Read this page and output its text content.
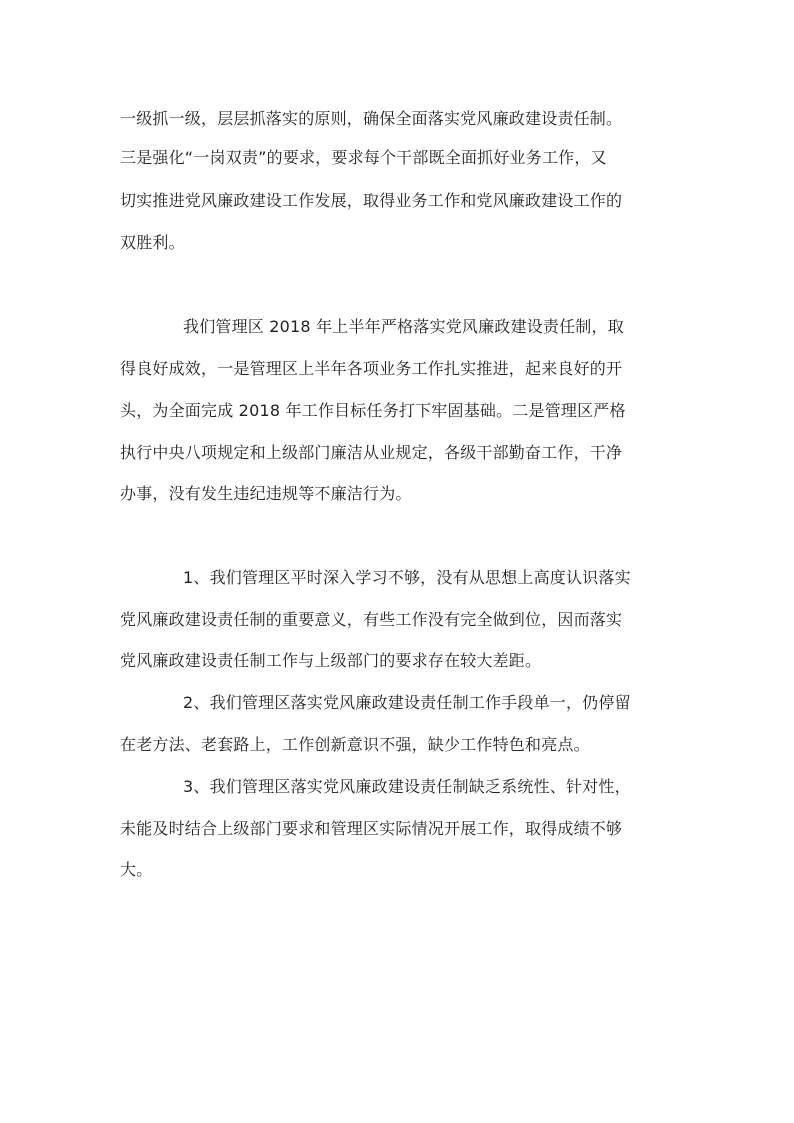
一级抓一级，层层抓落实的原则，确保全面落实党风廉政建设责任制。
三是强化“一岗双责”的要求，要求每个干部既全面抓好业务工作，又
切实推进党风廉政建设工作发展，取得业务工作和党风廉政建设工作的
双胜利。
我们管理区 2018 年上半年严格落实党风廉政建设责任制，取
得良好成效，一是管理区上半年各项业务工作扎实推进，起来良好的开
头，为全面完成 2018 年工作目标任务打下牢固基础。二是管理区严格
执行中央八项规定和上级部门廉洁从业规定，各级干部勤奋工作，干净
办事，没有发生违纪违规等不廉洁行为。
1、我们管理区平时深入学习不够，没有从思想上高度认识落实
党风廉政建设责任制的重要意义，有些工作没有完全做到位，因而落实
党风廉政建设责任制工作与上级部门的要求存在较大差距。
2、我们管理区落实党风廉政建设责任制工作手段单一，仍停留
在老方法、老套路上，工作创新意识不强，缺少工作特色和亮点。
3、我们管理区落实党风廉政建设责任制缺乏系统性、针对性，
未能及时结合上级部门要求和管理区实际情况开展工作，取得成绩不够
大。
